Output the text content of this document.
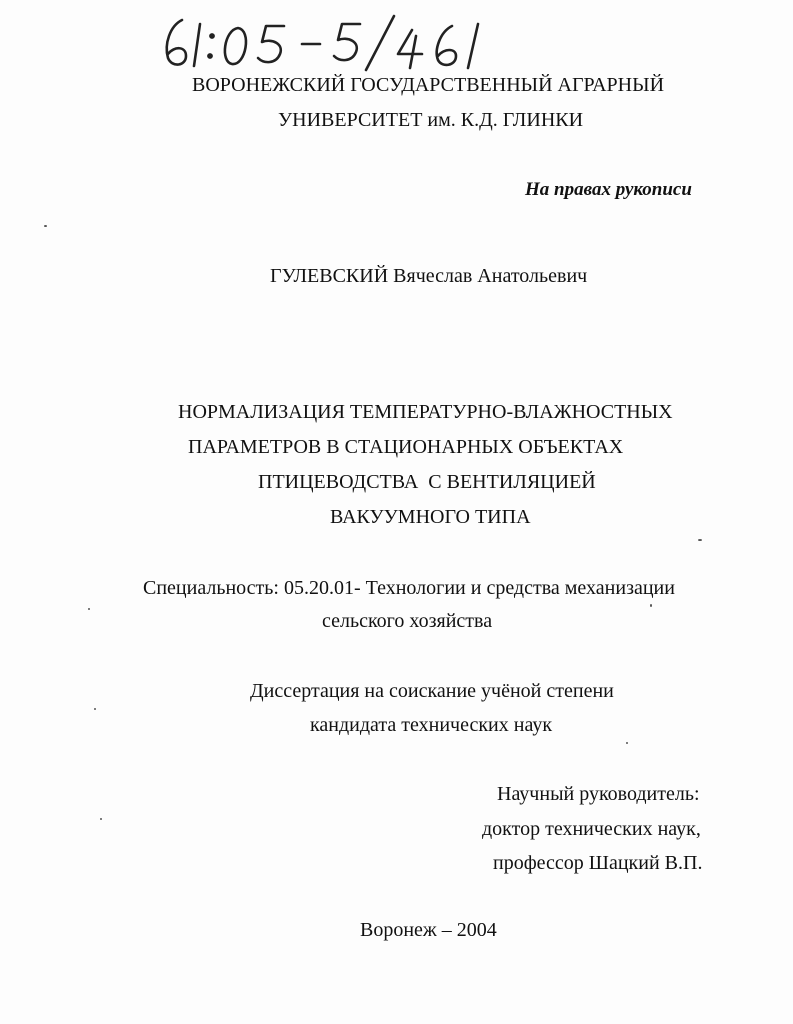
ВОРОНЕЖСКИЙ ГОСУДАРСТВЕННЫЙ АГРАРНЫЙ
УНИВЕРСИТЕТ им. К.Д. ГЛИНКИ
На правах рукописи
ГУЛЕВСКИЙ Вячеслав Анатольевич
НОРМАЛИЗАЦИЯ ТЕМПЕРАТУРНО-ВЛАЖНОСТНЫХ
ПАРАМЕТРОВ В СТАЦИОНАРНЫХ ОБЪЕКТАХ
ПТИЦЕВОДСТВА  С ВЕНТИЛЯЦИЕЙ
ВАКУУМНОГО ТИПА
Специальность: 05.20.01- Технологии и средства механизации
сельского хозяйства
Диссертация на соискание учёной степени
кандидата технических наук
Научный руководитель:
доктор технических наук,
профессор Шацкий В.П.
Воронеж – 2004
